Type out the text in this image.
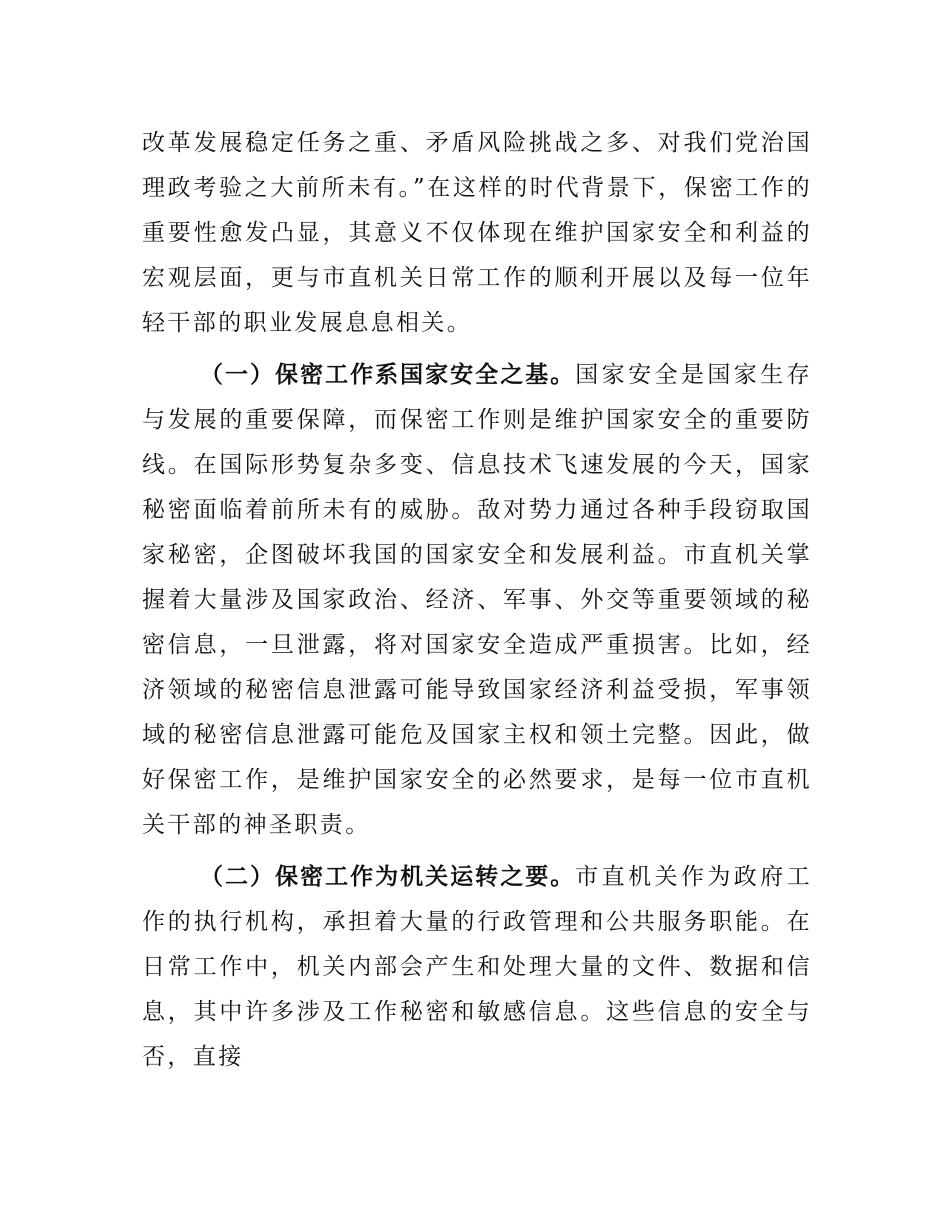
改革发展稳定任务之重、矛盾风险挑战之多、对我们党治国理政考验之大前所未有。”在这样的时代背景下，保密工作的重要性愈发凸显，其意义不仅体现在维护国家安全和利益的宏观层面，更与市直机关日常工作的顺利开展以及每一位年轻干部的职业发展息息相关。

（一）保密工作系国家安全之基。国家安全是国家生存与发展的重要保障，而保密工作则是维护国家安全的重要防线。在国际形势复杂多变、信息技术飞速发展的今天，国家秘密面临着前所未有的威胁。敌对势力通过各种手段窃取国家秘密，企图破坏我国的国家安全和发展利益。市直机关掌握着大量涉及国家政治、经济、军事、外交等重要领域的秘密信息，一旦泄露，将对国家安全造成严重损害。比如，经济领域的秘密信息泄露可能导致国家经济利益受损，军事领域的秘密信息泄露可能危及国家主权和领土完整。因此，做好保密工作，是维护国家安全的必然要求，是每一位市直机关干部的神圣职责。

（二）保密工作为机关运转之要。市直机关作为政府工作的执行机构，承担着大量的行政管理和公共服务职能。在日常工作中，机关内部会产生和处理大量的文件、数据和信息，其中许多涉及工作秘密和敏感信息。这些信息的安全与否，直接
